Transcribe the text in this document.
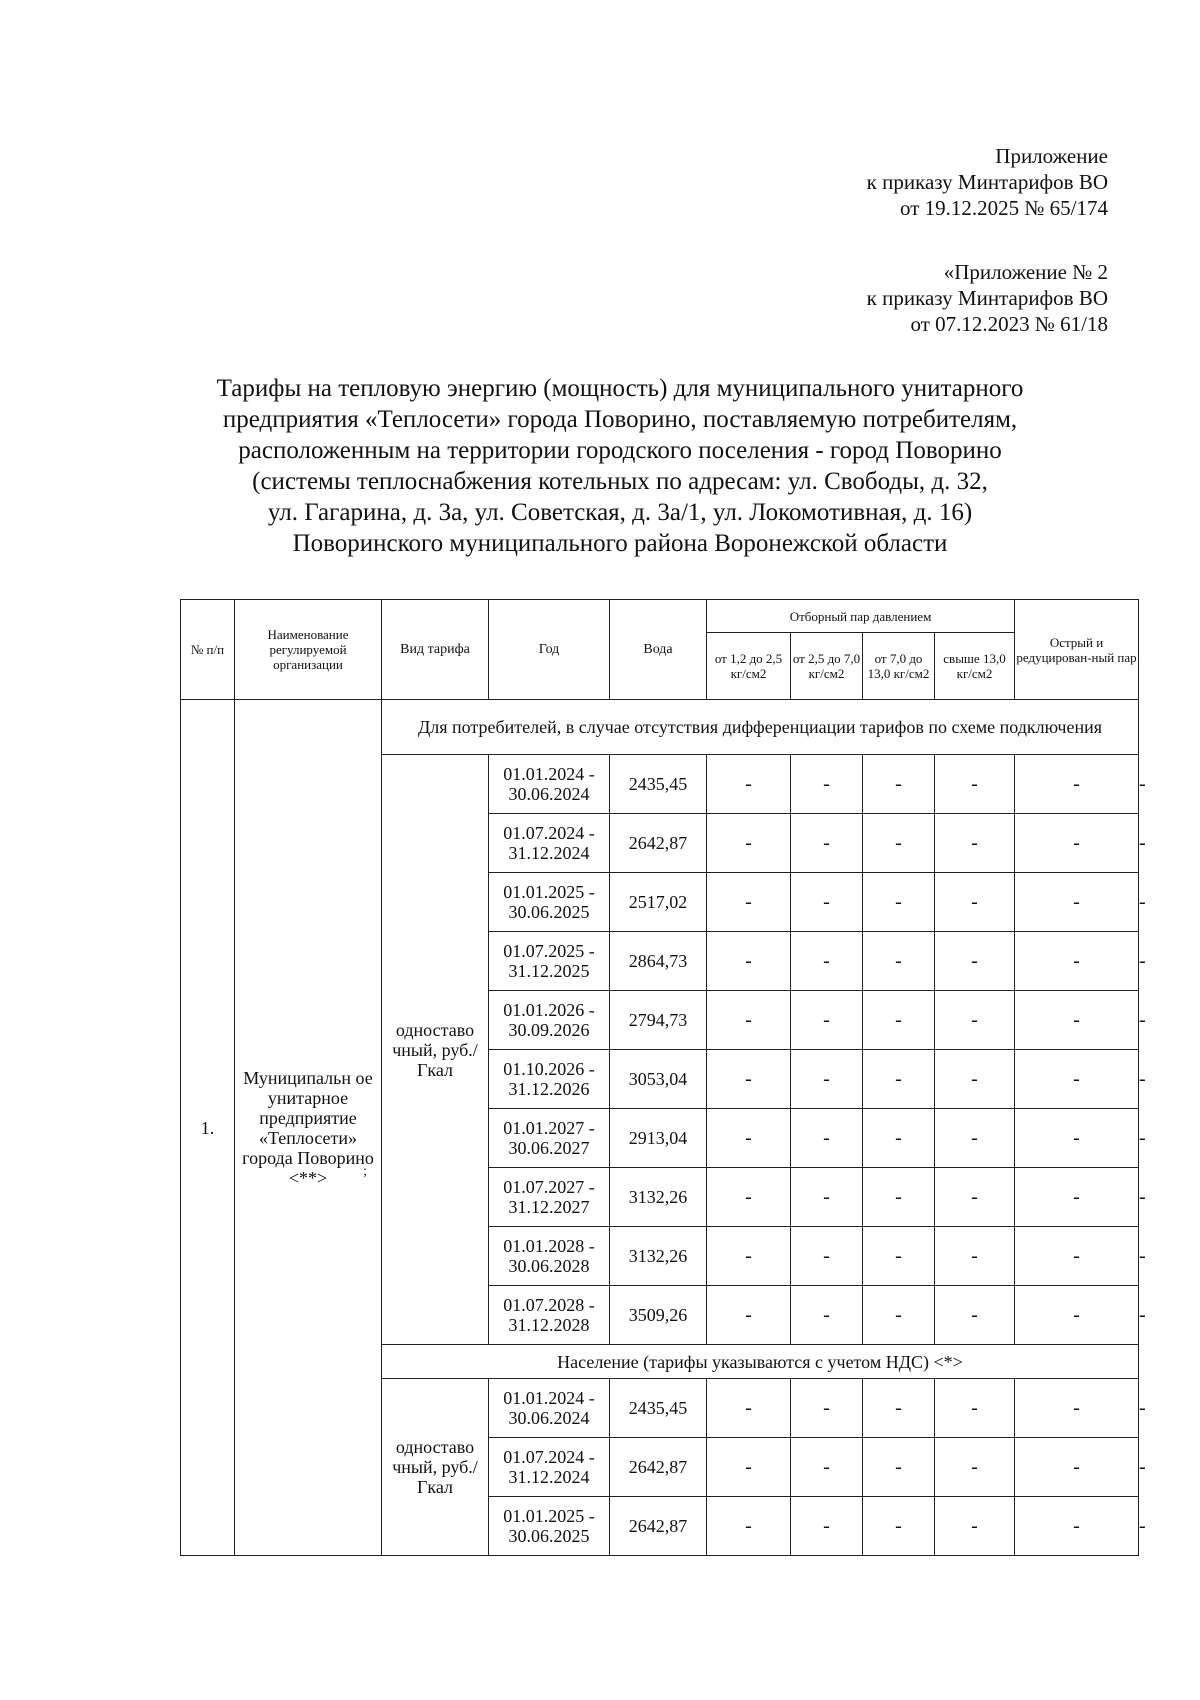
Приложение
к приказу Минтарифов ВО
от 19.12.2025 № 65/174
«Приложение № 2
к приказу Минтарифов ВО
от 07.12.2023 № 61/18
Тарифы на тепловую энергию (мощность) для муниципального унитарного
предприятия «Теплосети» города Поворино, поставляемую потребителям,
расположенным на территории городского поселения - город Поворино
(системы теплоснабжения котельных по адресам: ул. Свободы, д. 32,
ул. Гагарина, д. 3а, ул. Советская, д. 3а/1, ул. Локомотивная, д. 16)
Поворинского муниципального района Воронежской области
№ п/п	Наименование регулируемой организации	Вид тарифа	Год	Вода	Отборный пар давлением				Острый и редуцирован-ный пар	
					от 1,2 до 2,5 кг/см2	от 2,5 до 7,0 кг/см2	от 7,0 до 13,0 кг/см2	свыше 13,0 кг/см2		
1.	Муниципальн ое унитарное предприятие «Теплосети» города Поворино <**> ;	Для потребителей, в случае отсутствия дифференциации тарифов по схеме подключения								
		одноставо чный, руб./Гкал	01.01.2024 - 30.06.2024	2435,45	-	-	-	-	-	-
			01.07.2024 - 31.12.2024	2642,87	-	-	-	-	-	-
			01.01.2025 - 30.06.2025	2517,02	-	-	-	-	-	-
			01.07.2025 - 31.12.2025	2864,73	-	-	-	-	-	-
			01.01.2026 - 30.09.2026	2794,73	-	-	-	-	-	-
			01.10.2026 - 31.12.2026	3053,04	-	-	-	-	-	-
			01.01.2027 - 30.06.2027	2913,04	-	-	-	-	-	-
			01.07.2027 - 31.12.2027	3132,26	-	-	-	-	-	-
			01.01.2028 - 30.06.2028	3132,26	-	-	-	-	-	-
			01.07.2028 - 31.12.2028	3509,26	-	-	-	-	-	-
		Население (тарифы указываются с учетом НДС) <*>								
		одноставо чный, руб./Гкал	01.01.2024 - 30.06.2024	2435,45	-	-	-	-	-	-
			01.07.2024 - 31.12.2024	2642,87	-	-	-	-	-	-
			01.01.2025 - 30.06.2025	2642,87	-	-	-	-	-	-
